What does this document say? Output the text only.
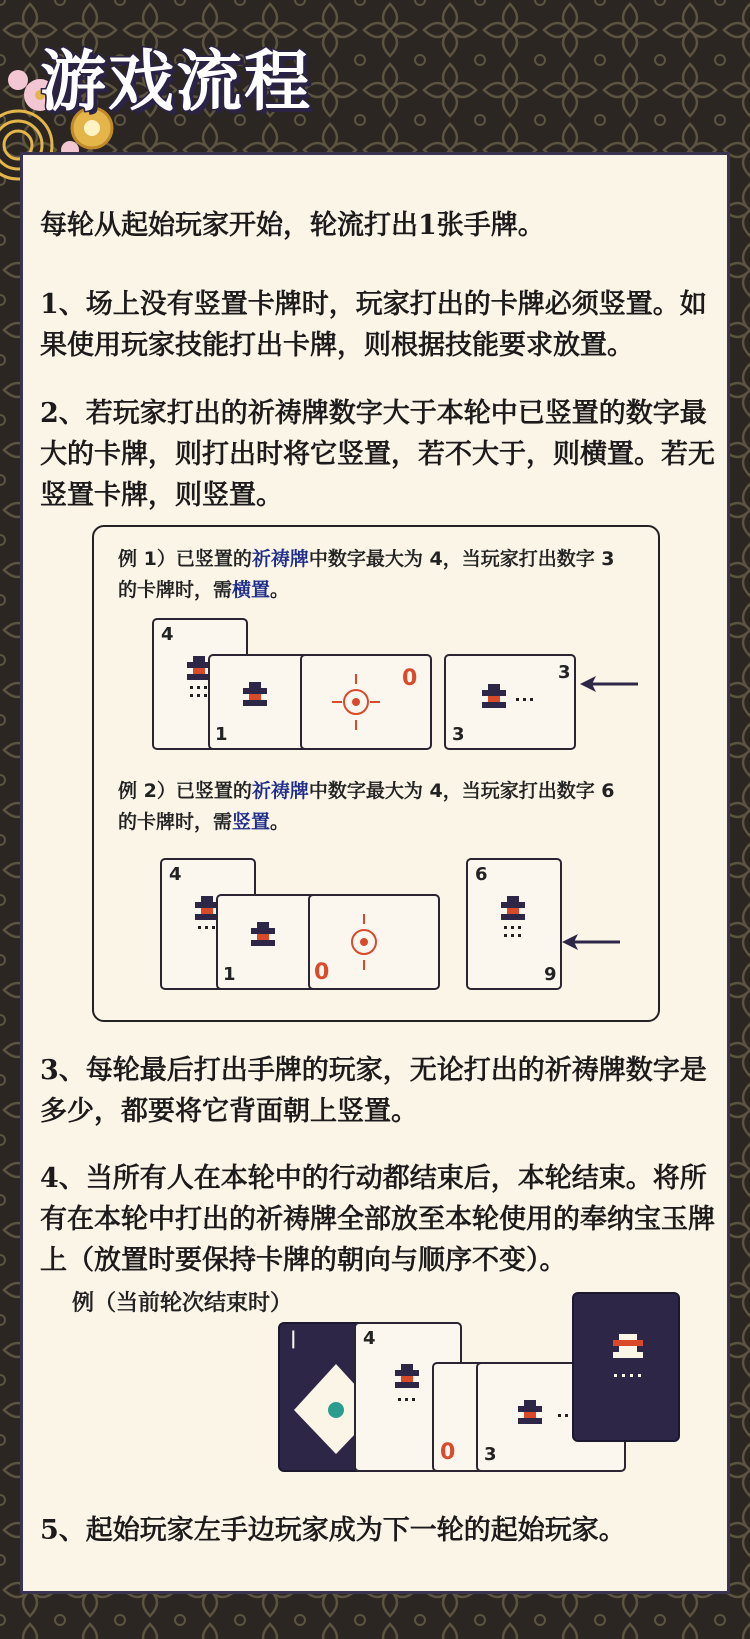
游戏流程

每轮从起始玩家开始，轮流打出1张手牌。

1、场上没有竖置卡牌时，玩家打出的卡牌必须竖置。如果使用玩家技能打出卡牌，则根据技能要求放置。

2、若玩家打出的祈祷牌数字大于本轮中已竖置的数字最大的卡牌，则打出时将它竖置，若不大于，则横置。若无竖置卡牌，则竖置。

例 1）已竖置的祈祷牌中数字最大为 4，当玩家打出数字 3 的卡牌时，需横置。
4
1
0	3
3
例 2）已竖置的祈祷牌中数字最大为 4，当玩家打出数字 6 的卡牌时，需竖置。
4
1	0
6
9

3、每轮最后打出手牌的玩家，无论打出的祈祷牌数字是多少，都要将它背面朝上竖置。

4、当所有人在本轮中的行动都结束后，本轮结束。将所有在本轮中打出的祈祷牌全部放至本轮使用的奉纳宝玉牌上（放置时要保持卡牌的朝向与顺序不变）。

例（当前轮次结束时）
|	4
0 3

5、起始玩家左手边玩家成为下一轮的起始玩家。
